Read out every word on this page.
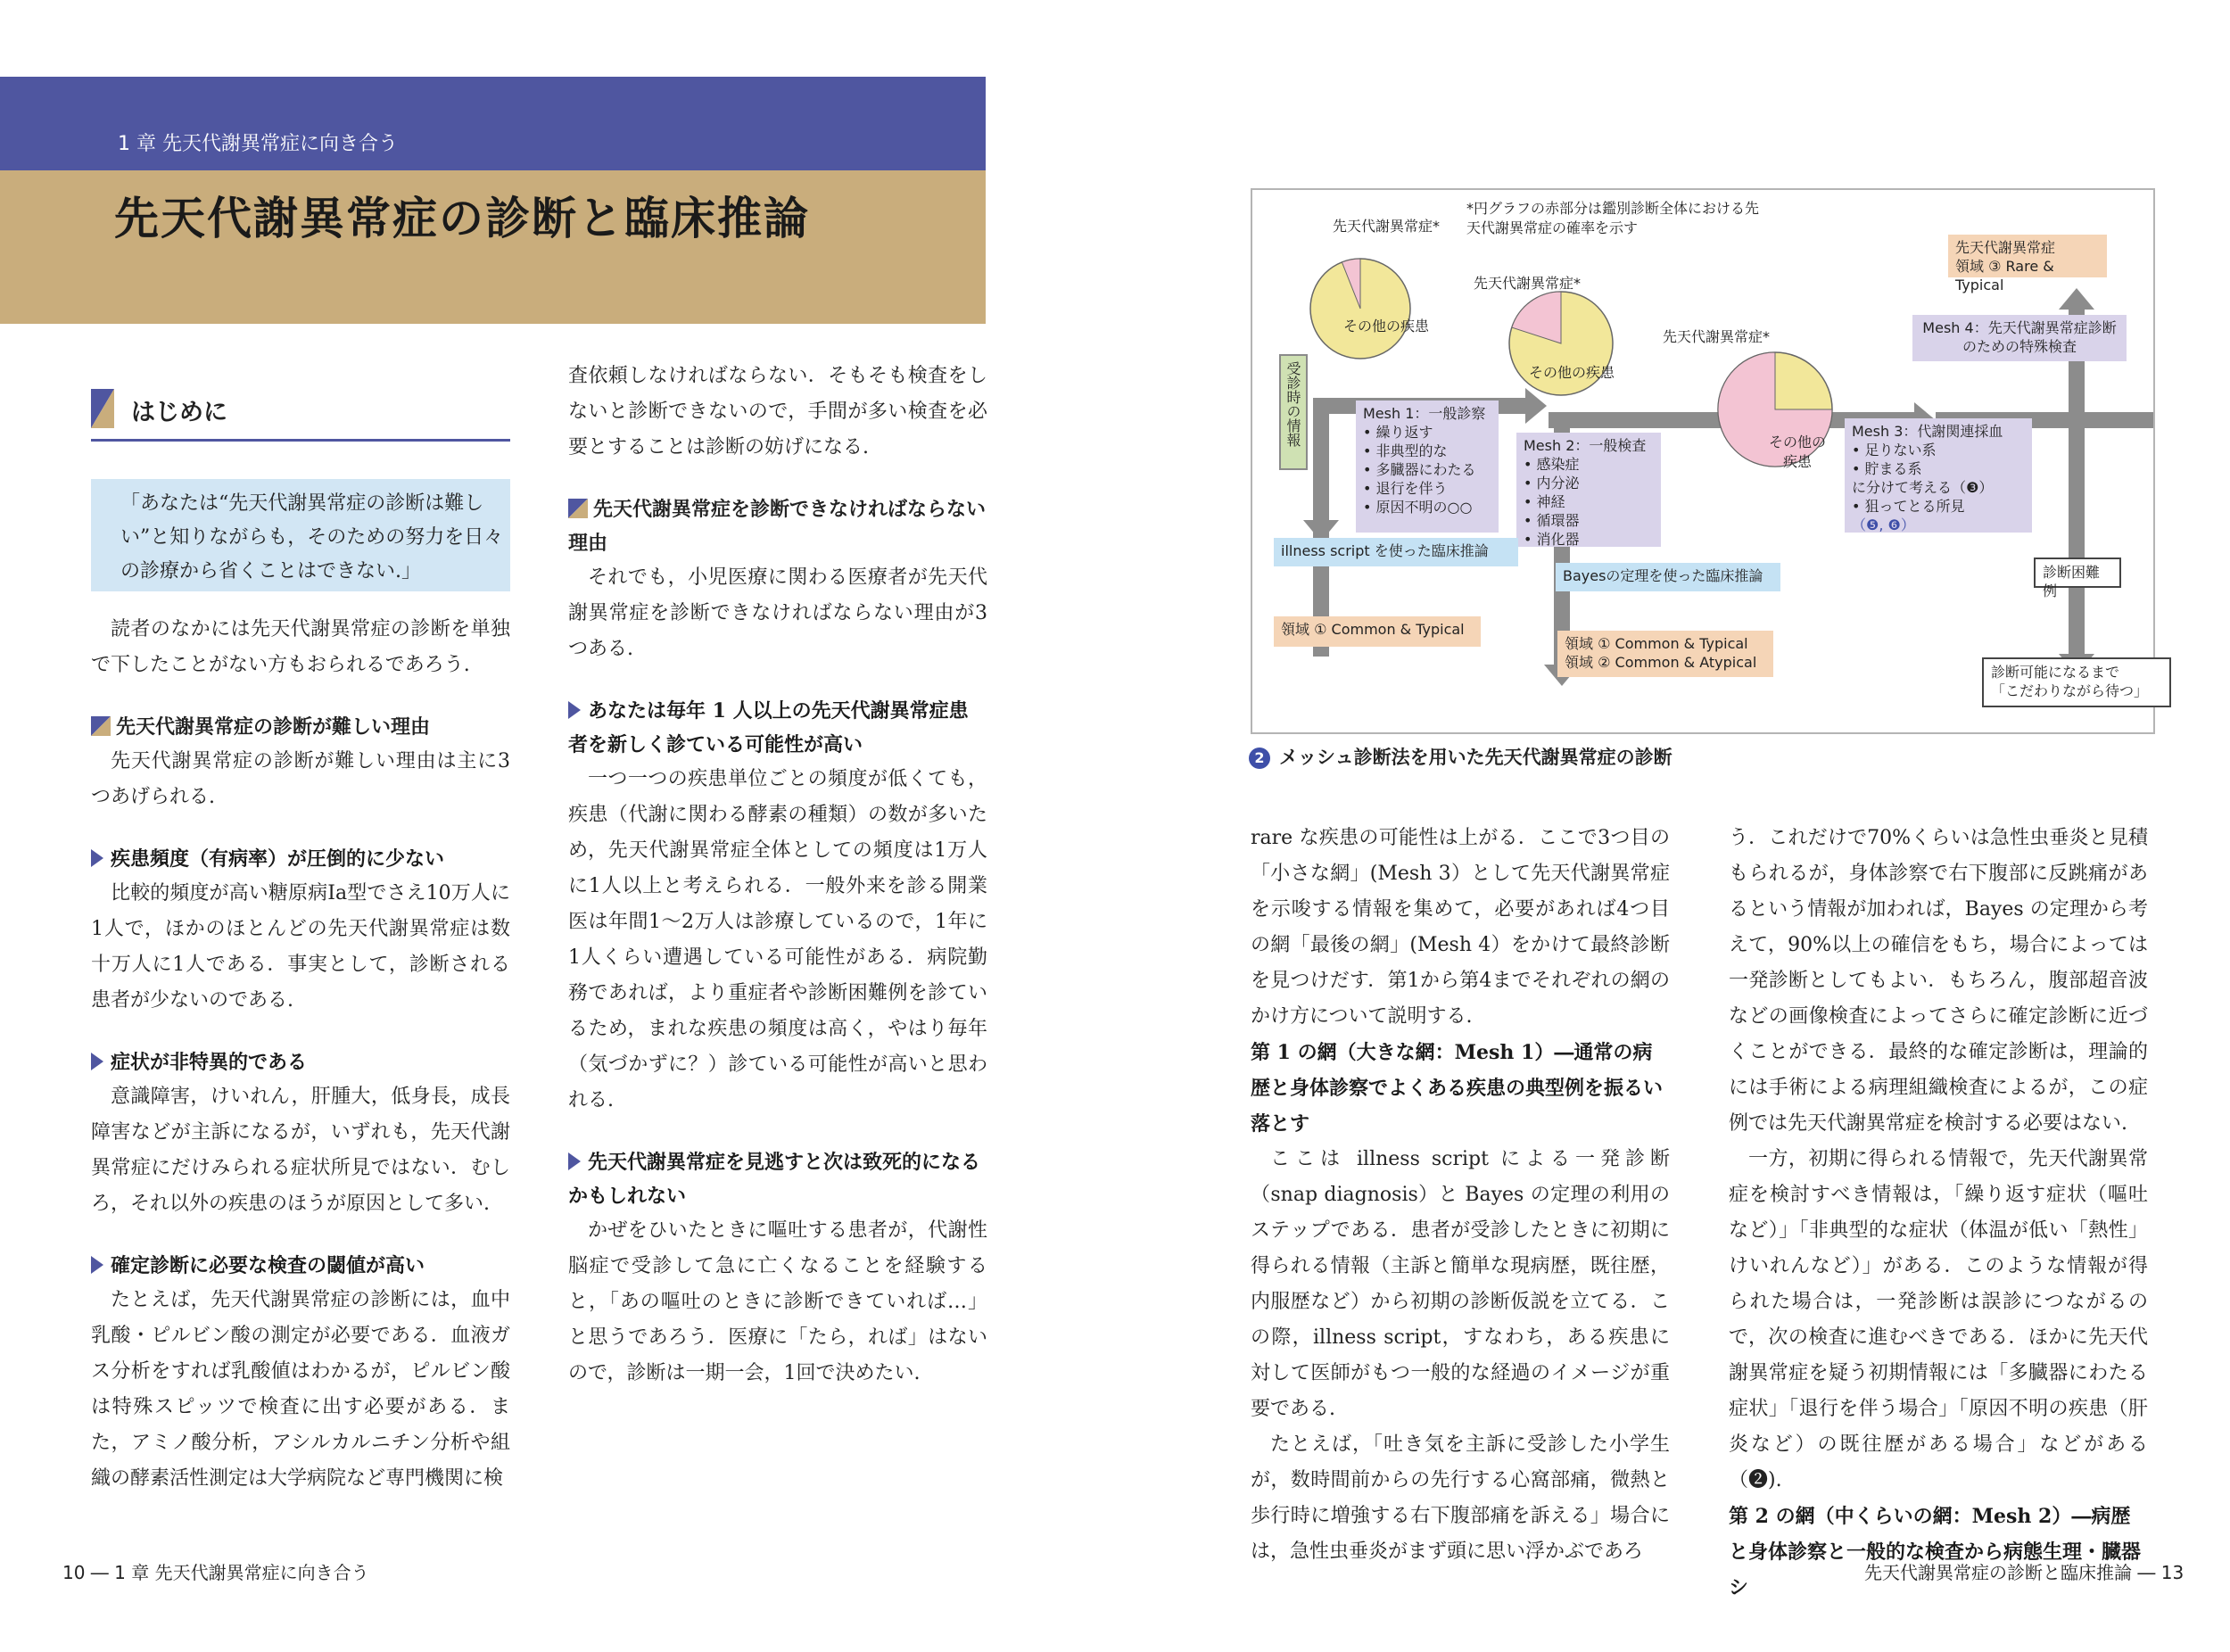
1 章 先天代謝異常症に向き合う
先天代謝異常症の診断と臨床推論
はじめに
「あなたは“先天代謝異常症の診断は難しい”と知りながらも，そのための努力を日々の診療から省くことはできない.」
読者のなかには先天代謝異常症の診断を単独で下したことがない方もおられるであろう.
先天代謝異常症の診断が難しい理由
先天代謝異常症の診断が難しい理由は主に3つあげられる.
疾患頻度（有病率）が圧倒的に少ない
比較的頻度が高い糖原病Ⅰa型でさえ10万人に1人で，ほかのほとんどの先天代謝異常症は数十万人に1人である．事実として，診断される患者が少ないのである.
症状が非特異的である
意識障害，けいれん，肝腫大，低身長，成長障害などが主訴になるが，いずれも，先天代謝異常症にだけみられる症状所見ではない．むしろ，それ以外の疾患のほうが原因として多い.
確定診断に必要な検査の閾値が高い
たとえば，先天代謝異常症の診断には，血中乳酸・ピルビン酸の測定が必要である．血液ガス分析をすれば乳酸値はわかるが，ピルビン酸は特殊スピッツで検査に出す必要がある．また，アミノ酸分析，アシルカルニチン分析や組織の酵素活性測定は大学病院など専門機関に検
査依頼しなければならない．そもそも検査をしないと診断できないので，手間が多い検査を必要とすることは診断の妨げになる.
先天代謝異常症を診断できなければならない理由
それでも，小児医療に関わる医療者が先天代謝異常症を診断できなければならない理由が3つある.
あなたは毎年 1 人以上の先天代謝異常症患者を新しく診ている可能性が高い
一つ一つの疾患単位ごとの頻度が低くても，疾患（代謝に関わる酵素の種類）の数が多いため，先天代謝異常症全体としての頻度は1万人に1人以上と考えられる．一般外来を診る開業医は年間1〜2万人は診療しているので，1年に1人くらい遭遇している可能性がある．病院勤務であれば，より重症者や診断困難例を診ているため，まれな疾患の頻度は高く，やはり毎年（気づかずに？）診ている可能性が高いと思われる.
先天代謝異常症を見逃すと次は致死的になるかもしれない
かぜをひいたときに嘔吐する患者が，代謝性脳症で受診して急に亡くなることを経験すると，「あの嘔吐のときに診断できていれば…」と思うであろう．医療に「たら，れば」はないので，診断は一期一会，1回で決めたい.
10 ― 1 章 先天代謝異常症に向き合う
先天代謝異常症*
その他の疾患
*円グラフの赤部分は鑑別診断全体における先天代謝異常症の確率を示す
先天代謝異常症*
その他の疾患
先天代謝異常症*
その他の疾患
受診時の情報	Mesh 1：一般診察
• 繰り返す
• 非典型的な
• 多臓器にわたる
• 退行を伴う
• 原因不明の○○
Mesh 2：一般検査
• 感染症
• 内分泌
• 神経
• 循環器
• 消化器
Mesh 3：代謝関連採血
• 足りない系
• 貯まる系
に分けて考える（❸）
• 狙ってとる所見
（❺, ❻）
Mesh 4：先天代謝異常症診断のための特殊検査
先天代謝異常症
領域 ③ Rare & Typical
illness script を使った臨床推論
Bayesの定理を使った臨床推論
領域 ① Common & Typical
領域 ① Common & Typical
領域 ② Common & Atypical
診断困難例
診断可能になるまで
「こだわりながら待つ」
2 メッシュ診断法を用いた先天代謝異常症の診断
rare な疾患の可能性は上がる．ここで3つ目の「小さな網」(Mesh 3）として先天代謝異常症を示唆する情報を集めて，必要があれば4つ目の網「最後の網」(Mesh 4）をかけて最終診断を見つけだす．第1から第4までそれぞれの網のかけ方について説明する.
第 1 の網（大きな網：Mesh 1）―通常の病歴と身体診察でよくある疾患の典型例を振るい落とす
ここは illness script による一発診断（snap diagnosis）と Bayes の定理の利用のステップである．患者が受診したときに初期に得られる情報（主訴と簡単な現病歴，既往歴，内服歴など）から初期の診断仮説を立てる．この際，illness script，すなわち，ある疾患に対して医師がもつ一般的な経過のイメージが重要である.
たとえば，「吐き気を主訴に受診した小学生が，数時間前からの先行する心窩部痛，微熱と歩行時に増強する右下腹部痛を訴える」場合には，急性虫垂炎がまず頭に思い浮かぶであろ
う．これだけで70%くらいは急性虫垂炎と見積もられるが，身体診察で右下腹部に反跳痛があるという情報が加われば，Bayes の定理から考えて，90%以上の確信をもち，場合によっては一発診断としてもよい．もちろん，腹部超音波などの画像検査によってさらに確定診断に近づくことができる．最終的な確定診断は，理論的には手術による病理組織検査によるが，この症例では先天代謝異常症を検討する必要はない.
一方，初期に得られる情報で，先天代謝異常症を検討すべき情報は，「繰り返す症状（嘔吐など）」「非典型的な症状（体温が低い「熱性」けいれんなど）」がある．このような情報が得られた場合は，一発診断は誤診につながるので，次の検査に進むべきである．ほかに先天代謝異常症を疑う初期情報には「多臓器にわたる症状」「退行を伴う場合」「原因不明の疾患（肝炎など）の既往歴がある場合」などがある（❷).
第 2 の網（中くらいの網：Mesh 2）―病歴と身体診察と一般的な検査から病態生理・臓器シ
先天代謝異常症の診断と臨床推論 ― 13
